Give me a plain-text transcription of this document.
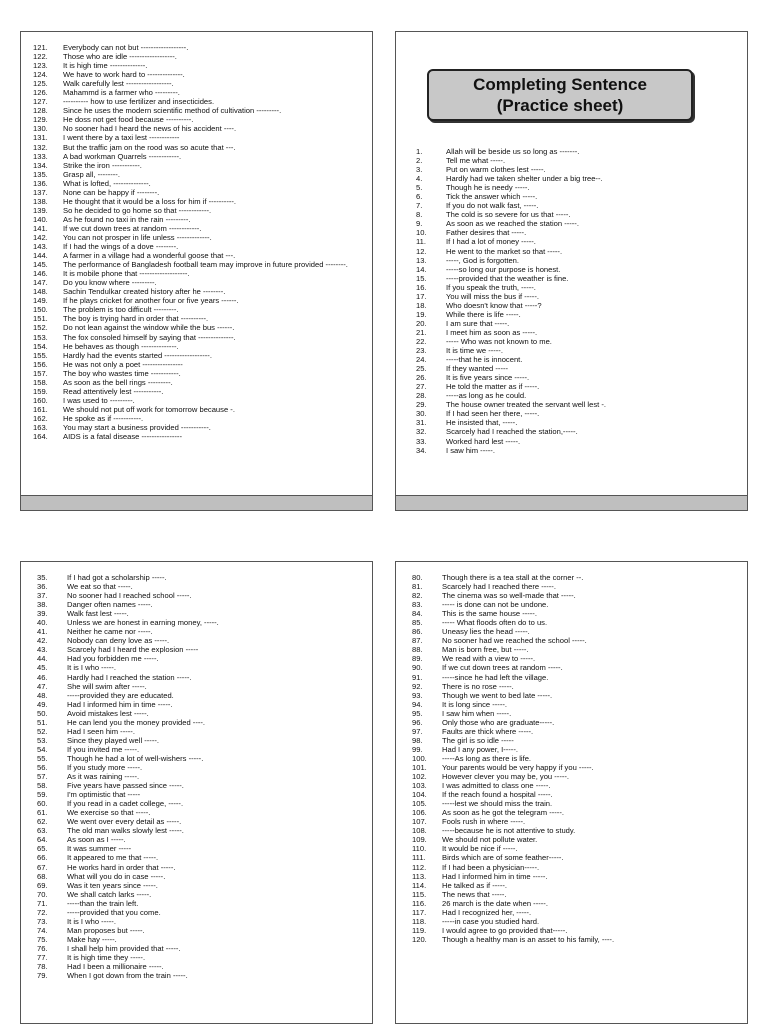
121.	Everybody can not but ------------------.
122.	Those who are idle ------------------.
123.	It is high time --------------.
124.	We have to work hard to --------------.
125.	Walk carefully lest ------------------.
126.	Mahammd is a farmer who ---------.
127.	---------- how to use fertilizer and insecticides.
128.	Since he uses the modern scientific method of cultivation ---------.
129.	He doss not get food because ----------.
130.	No sooner had I heard the news of his accident ----.
131.	I went there by a taxi lest ------------
132.	But the traffic jam on the rood was so acute that ---.
133.	A bad workman Quarrels ------------.
134.	Strike the iron -----------.
135.	Grasp all, --------.
136.	What is lofted, --------------.
137.	None can be happy if --------.
138.	He thought that it would be a loss for him if ----------.
139.	So he decided to go home so that ------------.
140.	As he found no taxi in the rain ---------.
141.	If we cut down trees at random ------------.
142.	You can not prosper in life unless -------------.
143.	If I had the wings of a dove --------.
144.	A farmer in a village had a wonderful goose that ---.
145.	The performance of Bangladesh football team may improve in future provided --------.
146.	It is mobile phone that -------------------.
147.	Do you know where ---------.
148.	Sachin Tendulkar created history after he --------.
149.	If he plays cricket for another four or five years ------.
150.	The problem is too difficult ---------.
151.	The boy is trying hard in order that ----------.
152.	Do not lean against the window while the bus ------.
153.	The fox consoled himself by saying that --------------.
154.	He behaves as though --------------.
155.	Hardly had the events started ------------------.
156.	He was not only a poet ----------------
157.	The boy who wastes time -----------.
158.	As soon as the bell rings ---------.
159.	Read attentively lest -----------.
160.	I was used to ---------.
161.	We should not put off work for tomorrow because -.
162.	He spoke as if -----------.
163.	You may start a business provided -----------.
164.	AIDS is a fatal disease ----------------
Completing Sentence
(Practice sheet)
1.	Allah will be beside us so long as -------.
2.	Tell me what -----.
3.	Put on warm clothes lest -----.
4.	Hardly had we taken shelter under a big tree--.
5.	Though he is needy -----.
6.	Tick the answer which -----.
7.	If you do not walk fast, -----.
8.	The cold is so severe for us that -----.
9.	As soon as we reached the station -----.
10.	Father desires that -----.
11.	If I had a lot of money -----.
12.	He went to the market so that -----.
13.	-----, God is forgotten.
14.	-----so long our purpose is honest.
15.	-----provided that the weather is fine.
16.	If you speak the truth, -----.
17.	You will miss the bus if -----.
18.	Who doesn't know that -----?
19.	While there is life -----.
20.	I am sure that -----.
21.	I meet him as soon as -----.
22.	----- Who was not known to me.
23.	It is time we -----.
24.	-----that he is innocent.
25.	If they wanted -----
26.	It is five years since -----.
27.	He told the matter as if -----.
28.	-----as long as he could.
29.	The house owner treated the servant well lest -.
30.	If I had seen her there, -----.
31.	He insisted that, -----.
32.	Scarcely had I reached the station,-----.
33.	Worked hard lest -----.
34.	I saw him -----.
35.	If I had got a scholarship -----.
36.	We eat so that -----.
37.	No sooner had I reached school -----.
38.	Danger often names -----.
39.	Walk fast lest -----.
40.	Unless we are honest in earning money, -----.
41.	Neither he came nor -----.
42.	Nobody can deny love as -----.
43.	Scarcely had I heard the explosion -----
44.	Had you forbidden me -----.
45.	It is I who -----.
46.	Hardly had I reached the station -----.
47.	She will swim after -----.
48.	-----provided they are educated.
49.	Had I informed him in time -----.
50.	Avoid mistakes lest -----.
51.	He can lend you the money provided ----.
52.	Had I seen him -----.
53.	Since they played well -----.
54.	If you invited me -----.
55.	Though he had a lot of well-wishers -----.
56.	If you study more -----.
57.	As it was raining -----.
58.	Five years have passed since -----.
59.	I'm optimistic that -----
60.	If you read in a cadet college, -----.
61.	We exercise so that -----.
62.	We went over every detail as -----.
63.	The old man walks slowly lest -----.
64.	As soon as I -----.
65.	It was summer -----
66.	It appeared to me that -----.
67.	He works hard in order that -----.
68.	What will you do in case -----.
69.	Was it ten years since -----.
70.	We shall catch larks -----.
71.	-----than the train left.
72.	-----provided that you come.
73.	It is I who -----.
74.	Man proposes but -----.
75.	Make hay -----.
76.	I shall help him provided that -----.
77.	It is high time they -----.
78.	Had I been a millionaire -----.
79.	When I got down from the train -----.
80.	Though there is a tea stall at the corner --.
81.	Scarcely had I reached there -----.
82.	The cinema was so well-made that -----.
83.	----- is done can not be undone.
84.	This is the same house -----.
85.	----- What floods often do to us.
86.	Uneasy lies the head -----.
87.	No sooner had we reached the school -----.
88.	Man is born free, but -----.
89.	We read with a view to -----.
90.	If we cut down trees at random -----.
91.	-----since he had left the village.
92.	There is no rose -----.
93.	Though we went to bed late -----.
94.	It is long since -----.
95.	I saw him when -----.
96.	Only those who are graduate-----.
97.	Faults are thick where -----.
98.	The girl is so idle -----
99.	Had I any power, I-----.
100.	-----As long as there is life.
101.	Your parents would be very happy if you -----.
102.	However clever you may be, you -----.
103.	I was admitted to class one -----.
104.	If the reach found a hospital -----.
105.	-----lest we should miss the train.
106.	As soon as he got the telegram -----.
107.	Fools rush in where -----.
108.	-----because he is not attentive to study.
109.	We should not pollute water.
110.	It would be nice if -----.
111.	Birds which are of some feather-----.
112.	If I had been a physician-----.
113.	Had I informed him in time -----.
114.	He talked as if -----.
115.	The news that -----.
116.	26 march is the date when -----.
117.	Had I recognized her, -----.
118.	-----in case you studied hard.
119.	I would agree to go provided that-----.
120.	Though a healthy man is an asset to his family, ----.
